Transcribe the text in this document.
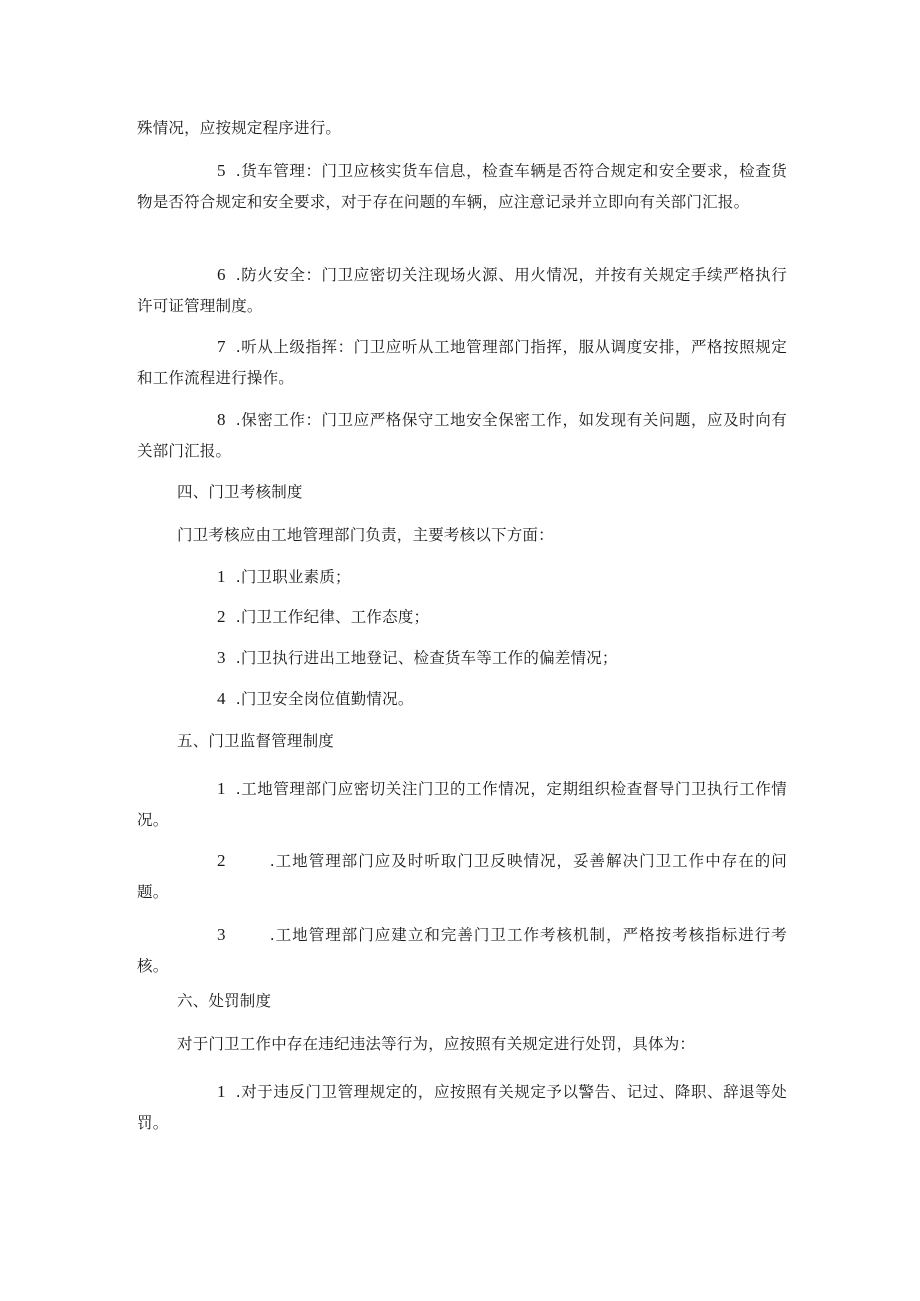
殊情况，应按规定程序进行。

5 .货车管理：门卫应核实货车信息，检查车辆是否符合规定和安全要求，检查货物是否符合规定和安全要求，对于存在问题的车辆，应注意记录并立即向有关部门汇报。

6 .防火安全：门卫应密切关注现场火源、用火情况，并按有关规定手续严格执行许可证管理制度。

7 .听从上级指挥：门卫应听从工地管理部门指挥，服从调度安排，严格按照规定和工作流程进行操作。

8 .保密工作：门卫应严格保守工地安全保密工作，如发现有关问题，应及时向有关部门汇报。

四、门卫考核制度

门卫考核应由工地管理部门负责，主要考核以下方面：

1 .门卫职业素质；

2 .门卫工作纪律、工作态度；

3 .门卫执行进出工地登记、检查货车等工作的偏差情况；

4 .门卫安全岗位值勤情况。

五、门卫监督管理制度

1 .工地管理部门应密切关注门卫的工作情况，定期组织检查督导门卫执行工作情况。

2	.工地管理部门应及时听取门卫反映情况，妥善解决门卫工作中存在的问题。

3	.工地管理部门应建立和完善门卫工作考核机制，严格按考核指标进行考核。

六、处罚制度

对于门卫工作中存在违纪违法等行为，应按照有关规定进行处罚，具体为：

1 .对于违反门卫管理规定的，应按照有关规定予以警告、记过、降职、辞退等处罚。
